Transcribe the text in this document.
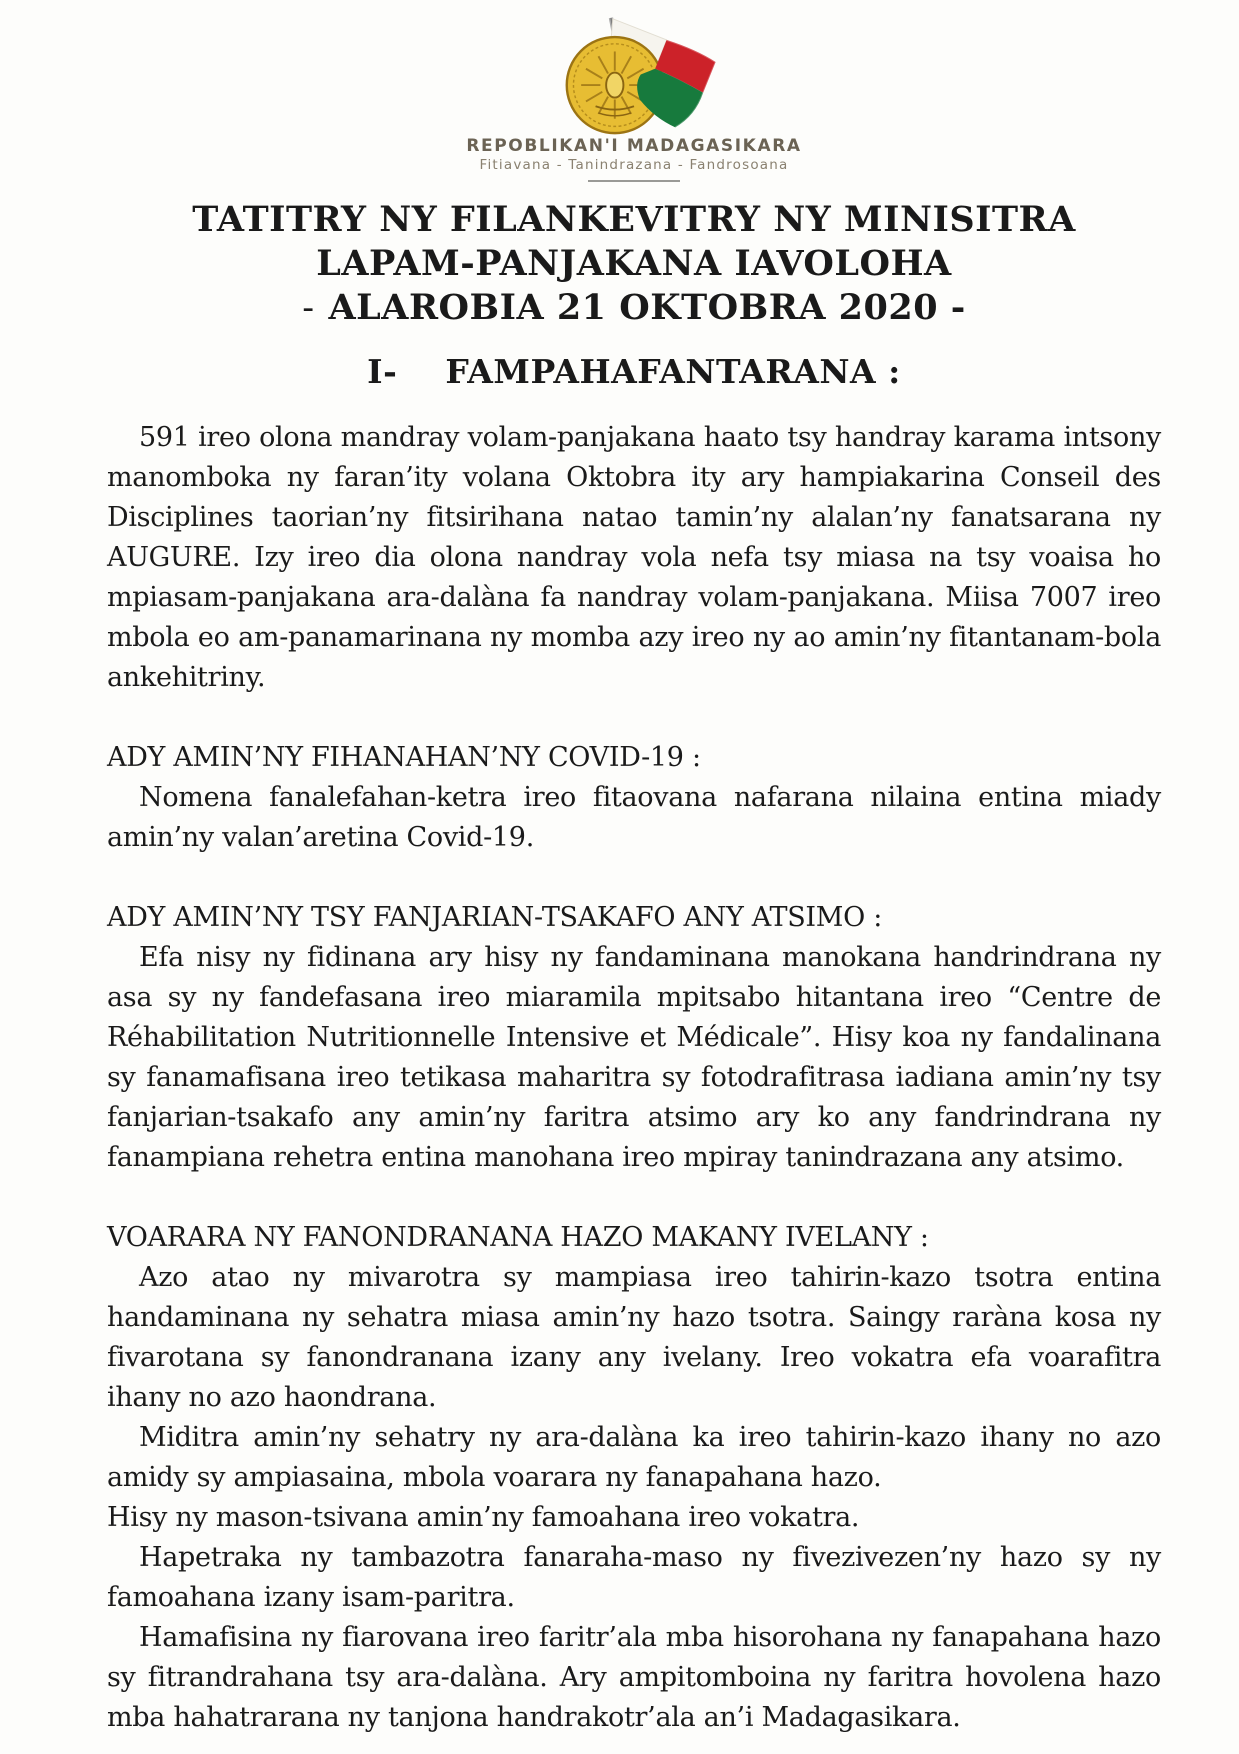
REPOBLIKAN'I MADAGASIKARA
Fitiavana - Tanindrazana - Fandrosoana
TATITRY NY FILANKEVITRY NY MINISITRA
LAPAM-PANJAKANA IAVOLOHA
- ALAROBIA 21 OKTOBRA 2020 -
I- FAMPAHAFANTARANA :

591 ireo olona mandray volam-panjakana haato tsy handray karama intsony manomboka ny faran’ity volana Oktobra ity ary hampiakarina Conseil des Disciplines taorian’ny fitsirihana natao tamin’ny alalan’ny fanatsarana ny AUGURE. Izy ireo dia olona nandray vola nefa tsy miasa na tsy voaisa ho mpiasam-panjakana ara-dalàna fa nandray volam-panjakana. Miisa 7007 ireo mbola eo am-panamarinana ny momba azy ireo ny ao amin’ny fitantanam-bola ankehitriny.

ADY AMIN’NY FIHANAHAN’NY COVID-19 :

Nomena fanalefahan-ketra ireo fitaovana nafarana nilaina entina miady amin’ny valan’aretina Covid-19.

ADY AMIN’NY TSY FANJARIAN-TSAKAFO ANY ATSIMO :

Efa nisy ny fidinana ary hisy ny fandaminana manokana handrindrana ny asa sy ny fandefasana ireo miaramila mpitsabo hitantana ireo “Centre de Réhabilitation Nutritionnelle Intensive et Médicale”. Hisy koa ny fandalinana sy fanamafisana ireo tetikasa maharitra sy fotodrafitrasa iadiana amin’ny tsy fanjarian-tsakafo any amin’ny faritra atsimo ary ko any fandrindrana ny fanampiana rehetra entina manohana ireo mpiray tanindrazana any atsimo.

VOARARA NY FANONDRANANA HAZO MAKANY IVELANY :

Azo atao ny mivarotra sy mampiasa ireo tahirin-kazo tsotra entina handaminana ny sehatra miasa amin’ny hazo tsotra. Saingy raràna kosa ny fivarotana sy fanondranana izany any ivelany. Ireo vokatra efa voarafitra ihany no azo haondrana.

Miditra amin’ny sehatry ny ara-dalàna ka ireo tahirin-kazo ihany no azo amidy sy ampiasaina, mbola voarara ny fanapahana hazo.

Hisy ny mason-tsivana amin’ny famoahana ireo vokatra.

Hapetraka ny tambazotra fanaraha-maso ny fivezivezen’ny hazo sy ny famoahana izany isam-paritra.

Hamafisina ny fiarovana ireo faritr’ala mba hisorohana ny fanapahana hazo sy fitrandrahana tsy ara-dalàna. Ary ampitomboina ny faritra hovolena hazo mba hahatrarana ny tanjona handrakotr’ala an’i Madagasikara.
